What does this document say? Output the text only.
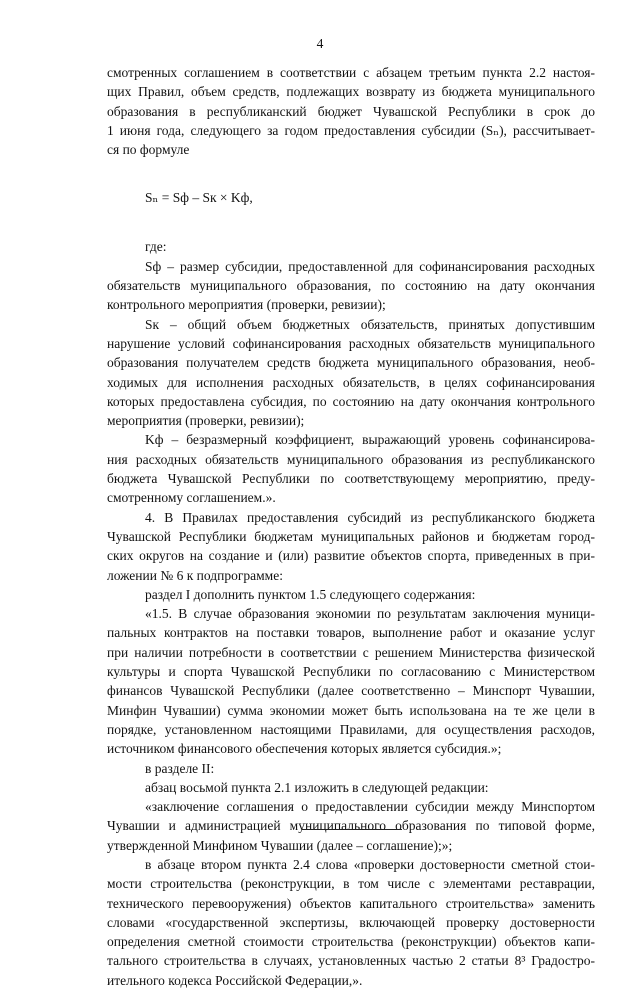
4
смотренных соглашением в соответствии с абзацем третьим пункта 2.2 настоя-
щих Правил, объем средств, подлежащих возврату из бюджета муниципального
образования в республиканский бюджет Чувашской Республики в срок до
1 июня года, следующего за годом предоставления субсидии (Sₙ), рассчитывает-
ся по формуле
Sₙ = Sф – Sк × Kф,
где:
Sф – размер субсидии, предоставленной для софинансирования расходных
обязательств муниципального образования, по состоянию на дату окончания
контрольного мероприятия (проверки, ревизии);
Sк – общий объем бюджетных обязательств, принятых допустившим
нарушение условий софинансирования расходных обязательств муниципального
образования получателем средств бюджета муниципального образования, необ-
ходимых для исполнения расходных обязательств, в целях софинансирования
которых предоставлена субсидия, по состоянию на дату окончания контрольного
мероприятия (проверки, ревизии);
Kф – безразмерный коэффициент, выражающий уровень софинансирова-
ния расходных обязательств муниципального образования из республиканского
бюджета Чувашской Республики по соответствующему мероприятию, преду-
смотренному соглашением.».
4. В Правилах предоставления субсидий из республиканского бюджета
Чувашской Республики бюджетам муниципальных районов и бюджетам город-
ских округов на создание и (или) развитие объектов спорта, приведенных в при-
ложении № 6 к подпрограмме:
раздел I дополнить пунктом 1.5 следующего содержания:
«1.5. В случае образования экономии по результатам заключения муници-
пальных контрактов на поставки товаров, выполнение работ и оказание услуг
при наличии потребности в соответствии с решением Министерства физической
культуры и спорта Чувашской Республики по согласованию с Министерством
финансов Чувашской Республики (далее соответственно – Минспорт Чувашии,
Минфин Чувашии) сумма экономии может быть использована на те же цели в
порядке, установленном настоящими Правилами, для осуществления расходов,
источником финансового обеспечения которых является субсидия.»;
в разделе II:
абзац восьмой пункта 2.1 изложить в следующей редакции:
«заключение соглашения о предоставлении субсидии между Минспортом
Чувашии и администрацией муниципального образования по типовой форме,
утвержденной Минфином Чувашии (далее – соглашение);»;
в абзаце втором пункта 2.4 слова «проверки достоверности сметной стои-
мости строительства (реконструкции, в том числе с элементами реставрации,
технического перевооружения) объектов капитального строительства» заменить
словами «государственной экспертизы, включающей проверку достоверности
определения сметной стоимости строительства (реконструкции) объектов капи-
тального строительства в случаях, установленных частью 2 статьи 8³ Градостро-
ительного кодекса Российской Федерации,».
